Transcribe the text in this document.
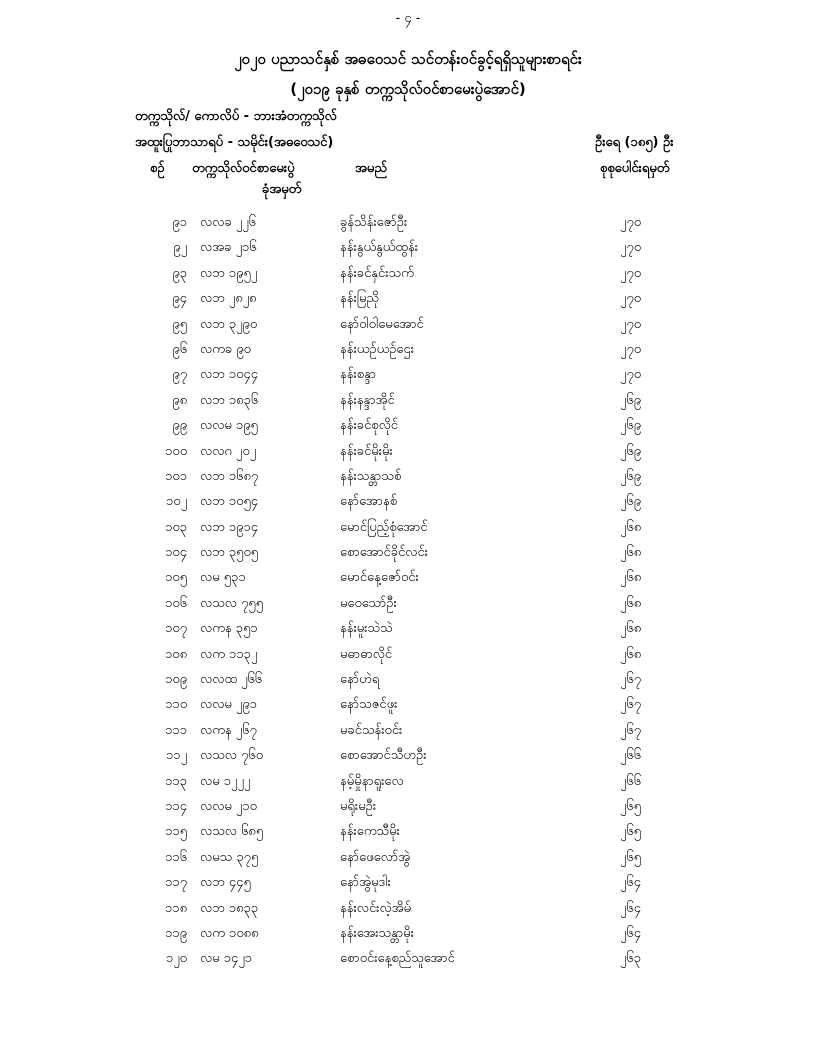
- ၄ -
၂၀၂၀ ပညာသင်နှစ် အဓဝေသင် သင်တန်းဝင်ခွင့်ရရှိသူများစာရင်း
(၂၀၁၉ ခုနှစ် တက္ကသိုလ်ဝင်စာမေးပွဲအောင်)
တက္ကသိုလ်/ ကောလိပ် - ဘားအံတက္ကသိုလ်
အထူးပြုဘာသာရပ် - သမိုင်း(အဓဝေသင်)	ဦးရေ (၁၈၅) ဦး
စဉ် တက္ကသိုလ်ဝင်စာမေးပွဲ
ခုံအမှတ်
အမည်	စုစုပေါင်းရမှတ်
၉၁ လလခ ၂၂၆	ခွန်သိန်းဇော်ဦး	၂၇၀
၉၂ လအခ ၂၁၆	နန်းနွယ်နွယ်ထွန်း	၂၇၀
၉၃ လဘ ၁၉၅၂	နန်းခင်နှင်းသက်	၂၇၀
၉၄ လဘ ၂၈၂၈	နန်းမြညို	၂၇၀
၉၅ လဘ ၃၂၉၀	နော်ဝါဝါမေအောင်	၂၇၀
၉၆ လကခ ၉၀	နန်းယဉ်ယဉ်ဌေး	၂၇၀
၉၇ လဘ ၁၀၄၄	နန်းစန္ဒာ	၂၇၀
၉၈ လဘ ၁၈၃၆	နန်းနန္ဒာအိုင်	၂၆၉
၉၉ လလမ ၁၉၅	နန်းခင်စုလိုင်	၂၆၉
၁၀၀ လလဂ ၂၀၂	နန်းခင်မိုးမိုး	၂၆၉
၁၀၁ လဘ ၁၆၈၇	နန်းသန္တာသစ်	၂၆၉
၁၀၂ လဘ ၁၀၅၄	နော်အောနစ်	၂၆၉
၁၀၃ လဘ ၁၉၁၄	မောင်ပြည့်စုံအောင်	၂၆၈
၁၀၄ လဘ ၃၅၀၅	စောအောင်ခိုင်လင်း	၂၆၈
၁၀၅ လမ ၅၃၁	မောင်နေ့ဇော်ဝင်း	၂၆၈
၁၀၆ လသလ ၇၅၅	မဝေသော်ဦး	၂၆၈
၁၀၇ လကန ၃၅၁	နန်းမူးသဲသဲ	၂၆၈
၁၀၈ လက ၁၁၃၂	မဓာဓာလိုင်	၂၆၈
၁၀၉ လလထ ၂၆၆	နော်ဟဲရ	၂၆၇
၁၁၀ လလမ ၂၉၁	နော်သဇင်ဖူး	၂၆၇
၁၁၁ လကန ၂၆၇	မခင်သန်းဝင်း	၂၆၇
၁၁၂ လသလ ၇၆၀	စောအောင်သီဟဦး	၂၆၆
၁၁၃ လမ ၁၂၂၂	နမ့်မှိုနာရူးလေ	၂၆၆
၁၁၄ လလမ ၂၁၀	မရိုးမဦး	၂၆၅
၁၁၅ လသလ ၆၈၅	နန်းကေသီမိုး	၂၆၅
၁၁၆ လမသ ၃၇၅	နော်ဖေလော်အွဲ	၂၆၅
၁၁၇ လဘ ၄၄၅	နော်အွဲမုဒါး	၂၆၄
၁၁၈ လဘ ၁၈၃၃	နန်းလင်းလဲ့အိမ်	၂၆၄
၁၁၉ လက ၁၀၈၈	နန်းအေးသန္တာမိုး	၂၆၄
၁၂၀ လမ ၁၄၂၁	စောဝင်းနေ့စည်သူအောင်	၂၆၃
